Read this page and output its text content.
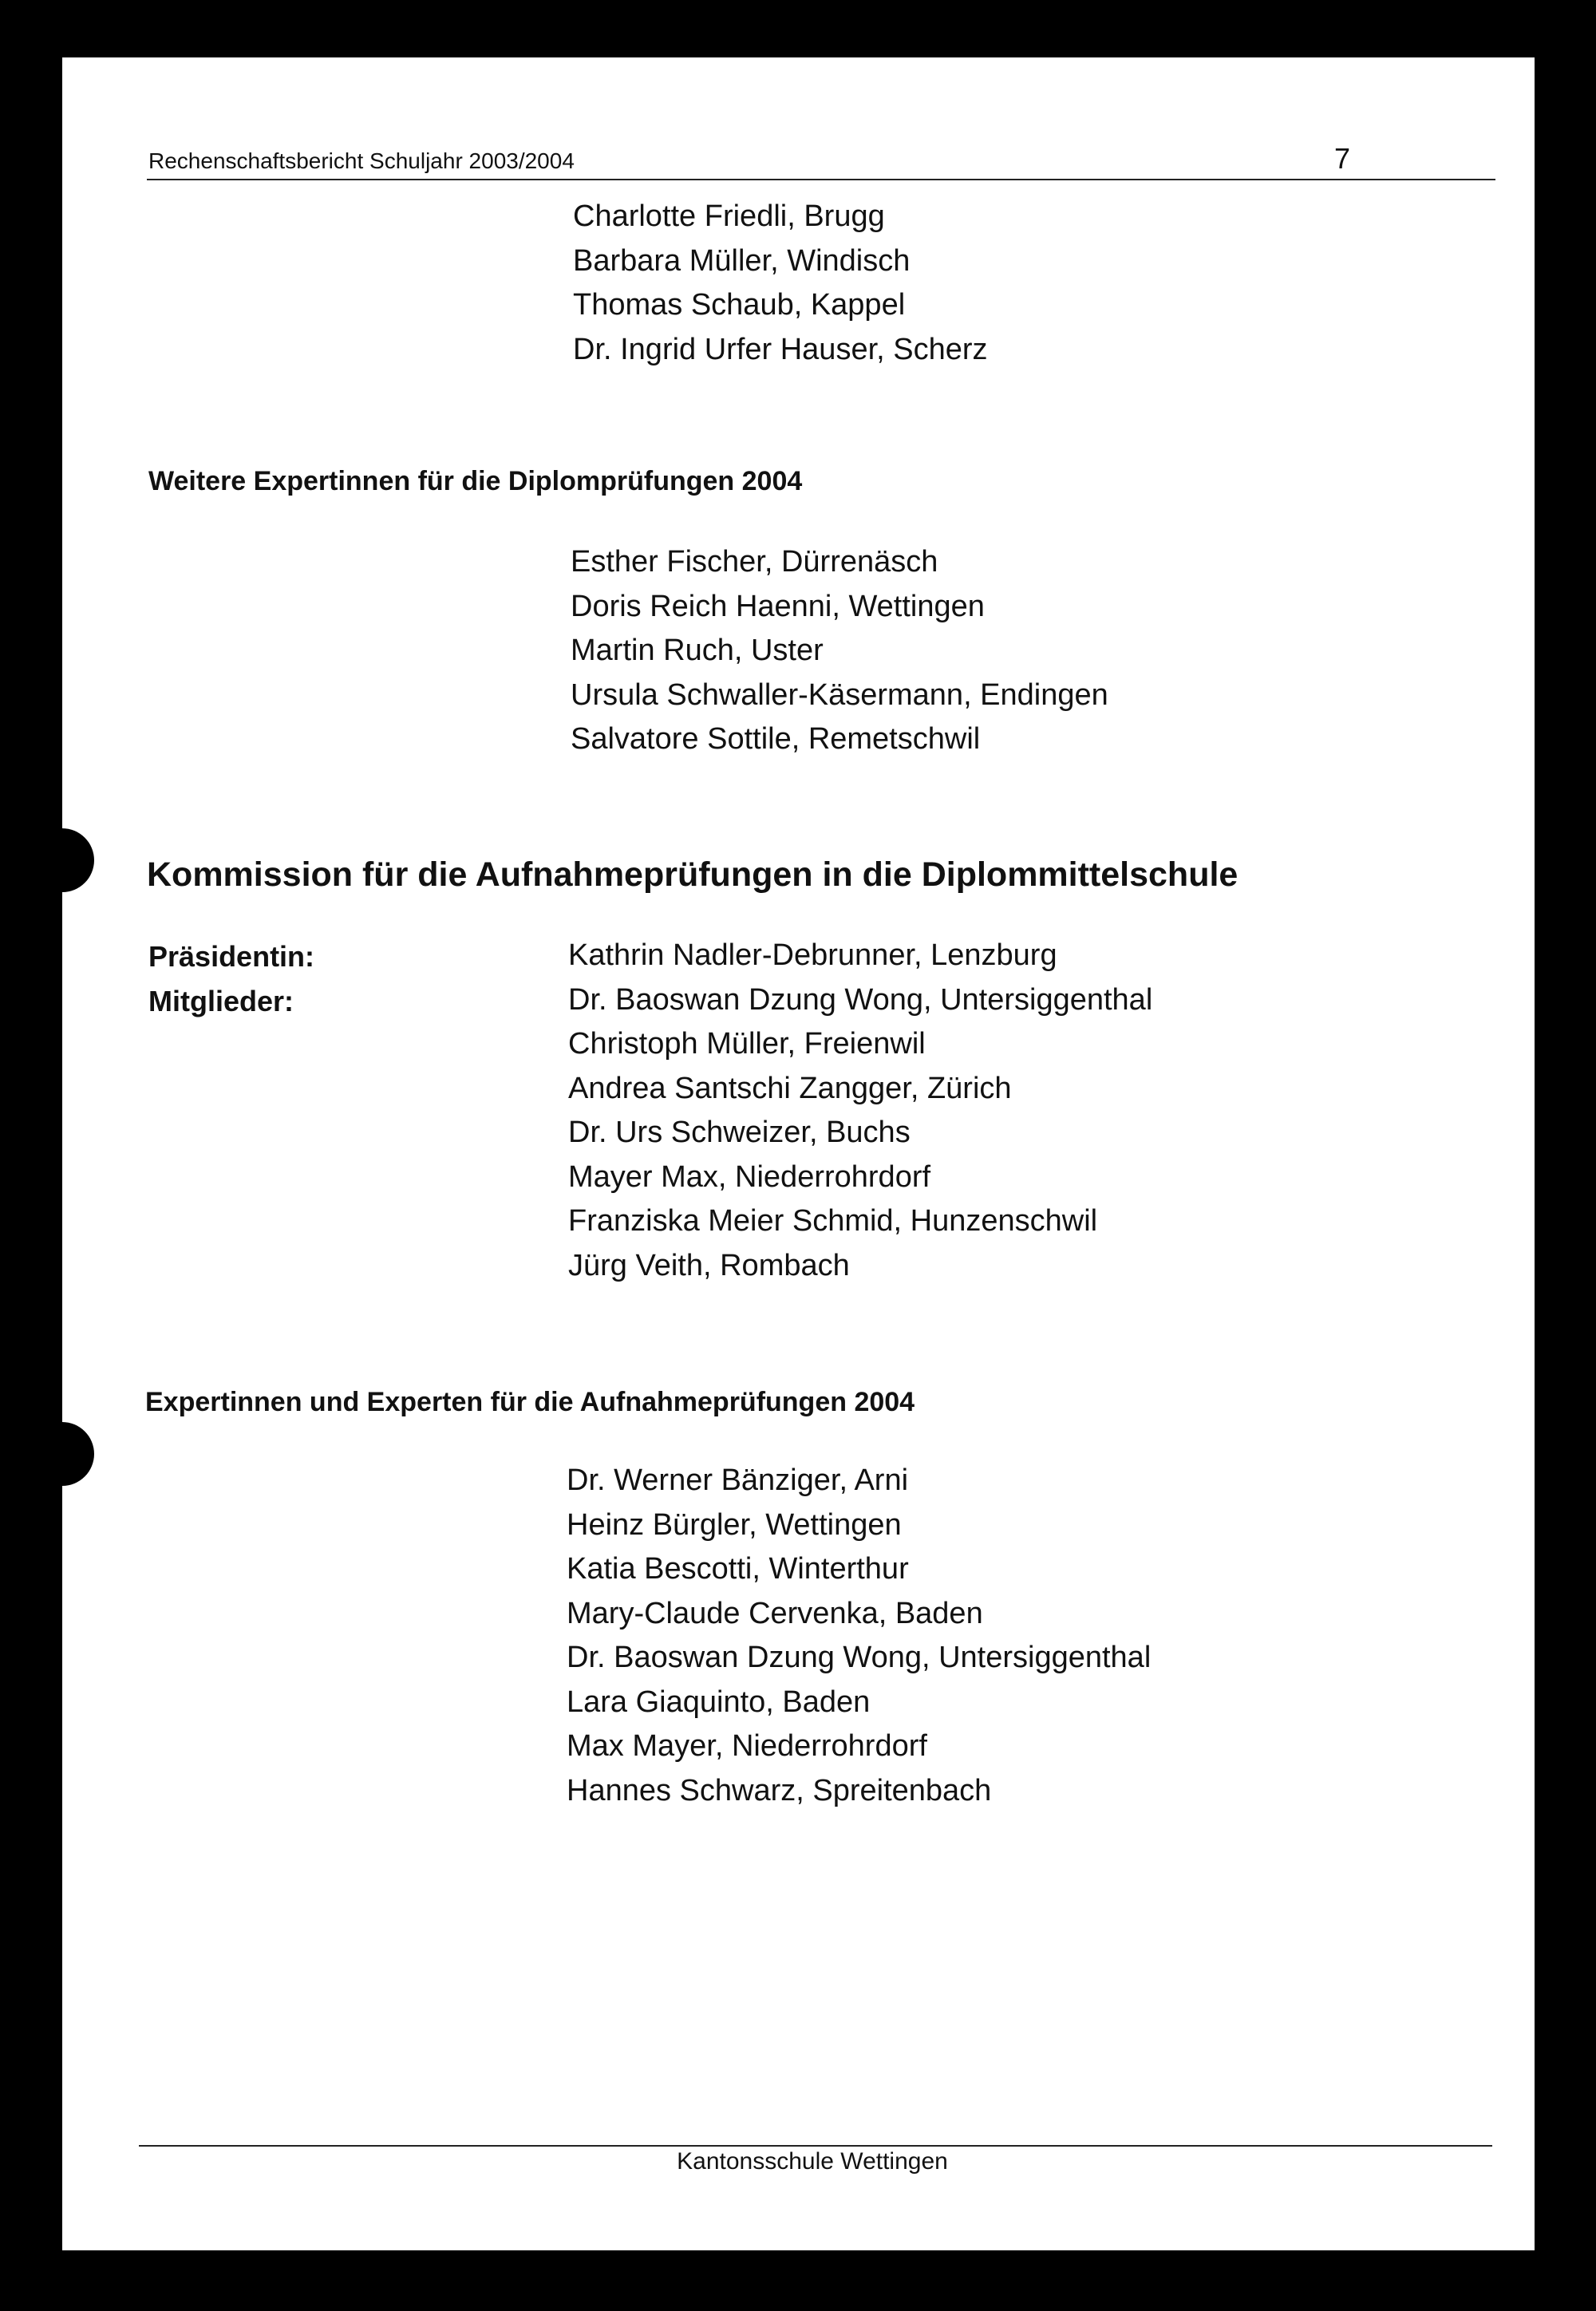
Rechenschaftsbericht Schuljahr 2003/2004	7
Charlotte Friedli, Brugg
Barbara Müller, Windisch
Thomas Schaub, Kappel
Dr. Ingrid Urfer Hauser, Scherz
Weitere Expertinnen für die Diplomprüfungen 2004
Esther Fischer, Dürrenäsch
Doris Reich Haenni, Wettingen
Martin Ruch, Uster
Ursula Schwaller-Käsermann, Endingen
Salvatore Sottile, Remetschwil
Kommission für die Aufnahmeprüfungen in die Diplommittelschule
Präsidentin:
Mitglieder:
Kathrin Nadler-Debrunner, Lenzburg
Dr. Baoswan Dzung Wong, Untersiggenthal
Christoph Müller, Freienwil
Andrea Santschi Zangger, Zürich
Dr. Urs Schweizer, Buchs
Mayer Max, Niederrohrdorf
Franziska Meier Schmid, Hunzenschwil
Jürg Veith, Rombach
Expertinnen und Experten für die Aufnahmeprüfungen 2004
Dr. Werner Bänziger, Arni
Heinz Bürgler, Wettingen
Katia Bescotti, Winterthur
Mary-Claude Cervenka, Baden
Dr. Baoswan Dzung Wong, Untersiggenthal
Lara Giaquinto, Baden
Max Mayer, Niederrohrdorf
Hannes Schwarz, Spreitenbach
Kantonsschule Wettingen
